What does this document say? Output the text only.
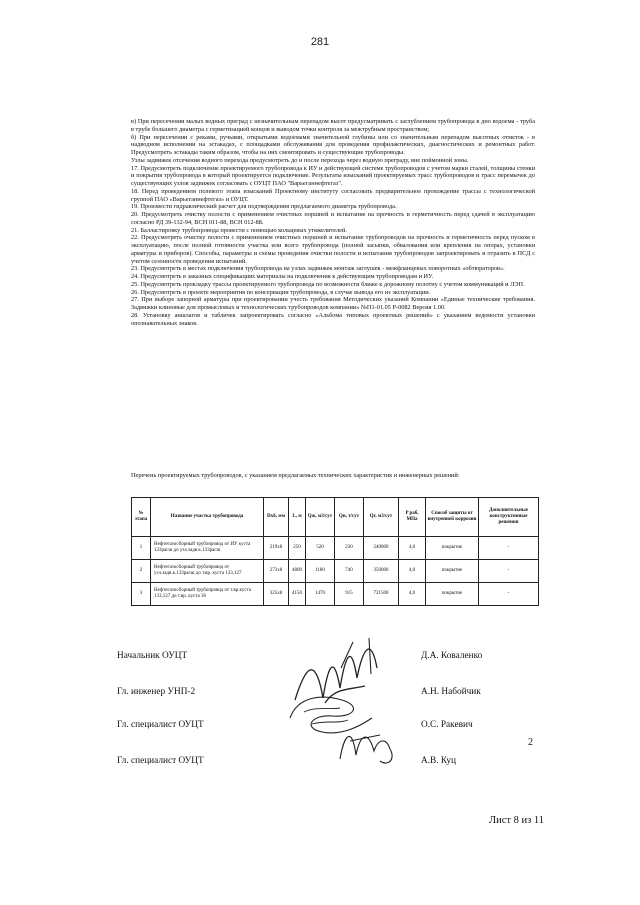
281

в) При пересечении малых водных преград с незначительным перепадом высот предусматривать с заглублением трубопровода в дно водоема - труба в трубе большего диаметра с герметизацией концов и выводом точки контроля за межтрубным пространством;

б) При пересечении с реками, ручьями, открытыми водоемами значительной глубины или со значительным перепадом высотных отметок - в надводном исполнении на эстакадах, с площадками обслуживания для проведения профилактических, диагностических и ремонтных работ. Предусмотреть эстакады таким образом, чтобы на них смонтировать и существующие трубопроводы.

Узлы задвижек отсечения водного перехода предусмотреть до и после перехода через водную преграду, вне поймонной зоны.

17. Предусмотреть подключение проектируемого трубопровода к ИУ и действующей системе трубопроводов с учетом марки сталей, толщины стенки и покрытия трубопровода в который проектируется подключение. Результаты изысканий проектируемых трасс трубопроводов и трасс перемычек до существующих узлов задвижек согласовать с ОУЦТ ПАО "Варьеганнефтегаз".

18. Перед проведением полевого этапа изысканий Проектному институту согласовать предварительное прохождение трассы с технологической группой ПАО «Варьеганнефтегаз» и ОУЦТ.

19. Произвести гидравлический расчет для подтверждения предлагаемого диаметра трубопровода.

20. Предусмотреть очистку полости с применением очистных поршней и испытание на прочность и герметичность перед сдачей в эксплуатацию согласно РД 39-132-94, ВСН 011-88, ВСН 012-88.

21. Балластировку трубопровода провести с помощью кольцевых утяжелителей.

22. Предусмотреть очистку полости с применением очистных поршней и испытание трубопроводов на прочность и герметичность перед пуском в эксплуатацию, после полной готовности участка или всего трубопровода (полной засыпки, обвалования или крепления на опорах, установки арматуры и приборов). Способы, параметры и схемы проведения очистки полости и испытания трубопроводов запроектировать и отразить в ПСД с учетом сезонности проведения испытаний.

23. Предусмотреть в местах подключения трубопровода на узлах задвижек монтаж заглушек - межфланцевых поворотных «обтюраторов».

24. Предусмотреть в заказных спецификациях материалы на подключения к действующим трубопроводам и ИУ.

25. Предусмотреть прокладку трассы проектируемого трубопровода по возможности ближе к дорожному полотну с учетом коммуникаций и ЛЭП.

26. Предусмотреть в проекте мероприятия по консервации трубопровода, в случае вывода его из эксплуатации.

27. При выборе запорной арматуры при проектировании учесть требования Методических указаний Компании «Единые технические требования. Задвижки клиновые для промысловых и технологических трубопроводов компании» №П1-01.05 Р-0082 Версия 1.00.

28. Установку аншлагов и табличек запроектировать согласно «Альбома типовых проектных решений» с указанием ведомости установки опознавательных знаков.

Перечень проектируемых трубопроводов, с указанием предлагаемых технических характеристик и инженерных решений:
№ этапа	Название участка трубопровода	Dxδ, мм	L, м	Qж, м3/сут	Qн, т/сут	Qг, м3/сут	P раб, МПа	Способ защиты от внутренней коррозии	Дополнительные конструктивные решения
1	Нефтегазосборный трубопровод от ИУ куста 133расш до узл.задв.к.133расш	219х8	250	520	230	240000	4,0	покрытие	-
2	Нефтегазосборный трубопровод от узл.задв.к.133расш до т.вр. куста 133,127	273х8	4800	1180	740	350000	4,0	покрытие	-
3	Нефтегазосборный трубопровод от т.вр.куста 133,127 до т.вр. куста 36	325х8	4150	1470	915	721500	4,0	покрытие	-
Начальник ОУЦТ	Д.А. Коваленко
Гл. инженер УНП-2	А.Н. Набойчик
Гл. специалист ОУЦТ	О.С. Ракевич
Гл. специалист ОУЦТ	А.В. Куц
2
Лист 8 из 11
